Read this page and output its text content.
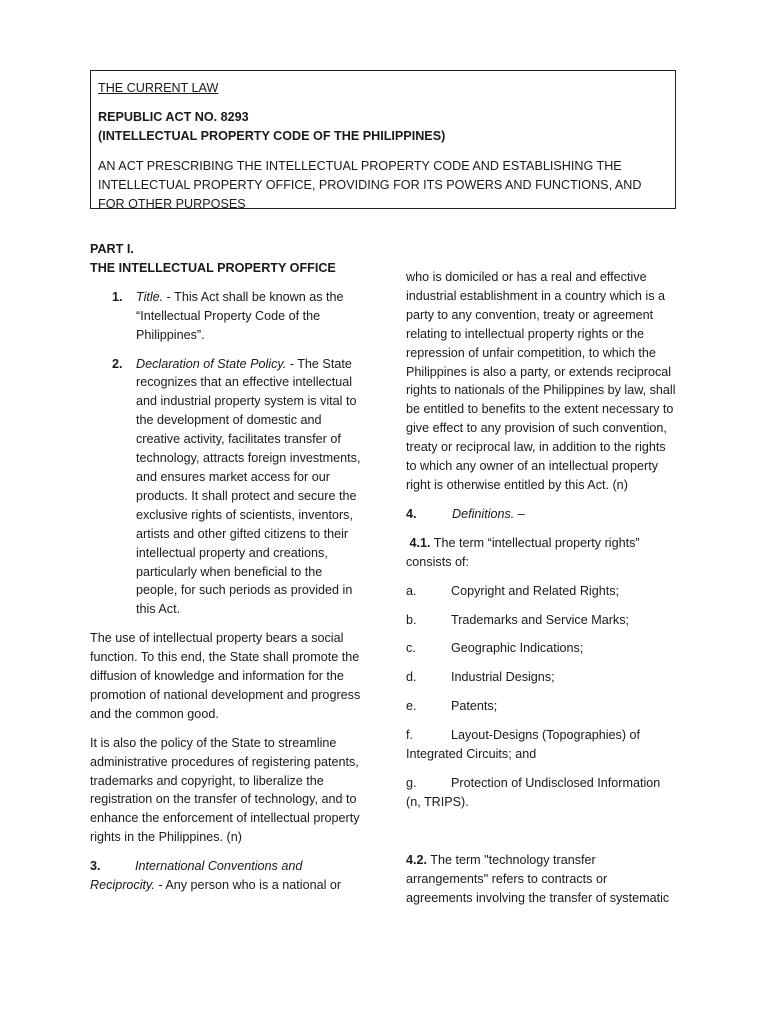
THE CURRENT LAW

REPUBLIC ACT NO. 8293

(INTELLECTUAL PROPERTY CODE OF THE PHILIPPINES)

AN ACT PRESCRIBING THE INTELLECTUAL PROPERTY CODE AND ESTABLISHING THE INTELLECTUAL PROPERTY OFFICE, PROVIDING FOR ITS POWERS AND FUNCTIONS, AND FOR OTHER PURPOSES

PART I.
THE INTELLECTUAL PROPERTY OFFICE

1. Title. - This Act shall be known as the “Intellectual Property Code of the Philippines”.

2. Declaration of State Policy. - The State recognizes that an effective intellectual and industrial property system is vital to the development of domestic and creative activity, facilitates transfer of technology, attracts foreign investments, and ensures market access for our products. It shall protect and secure the exclusive rights of scientists, inventors, artists and other gifted citizens to their intellectual property and creations, particularly when beneficial to the people, for such periods as provided in this Act.

The use of intellectual property bears a social function. To this end, the State shall promote the diffusion of knowledge and information for the promotion of national development and progress and the common good.

It is also the policy of the State to streamline administrative procedures of registering patents, trademarks and copyright, to liberalize the registration on the transfer of technology, and to enhance the enforcement of intellectual property rights in the Philippines. (n)

3.	International Conventions and Reciprocity. - Any person who is a national or

who is domiciled or has a real and effective industrial establishment in a country which is a party to any convention, treaty or agreement relating to intellectual property rights or the repression of unfair competition, to which the Philippines is also a party, or extends reciprocal rights to nationals of the Philippines by law, shall be entitled to benefits to the extent necessary to give effect to any provision of such convention, treaty or reciprocal law, in addition to the rights to which any owner of an intellectual property right is otherwise entitled by this Act. (n)

4.	Definitions. –

4.1. The term “intellectual property rights” consists of:

a.	Copyright and Related Rights;

b.	Trademarks and Service Marks;

c.	Geographic Indications;

d.	Industrial Designs;

e.	Patents;

f.	Layout-Designs (Topographies) of Integrated Circuits; and

g.	Protection of Undisclosed Information (n, TRIPS).

4.2. The term "technology transfer arrangements" refers to contracts or agreements involving the transfer of systematic
